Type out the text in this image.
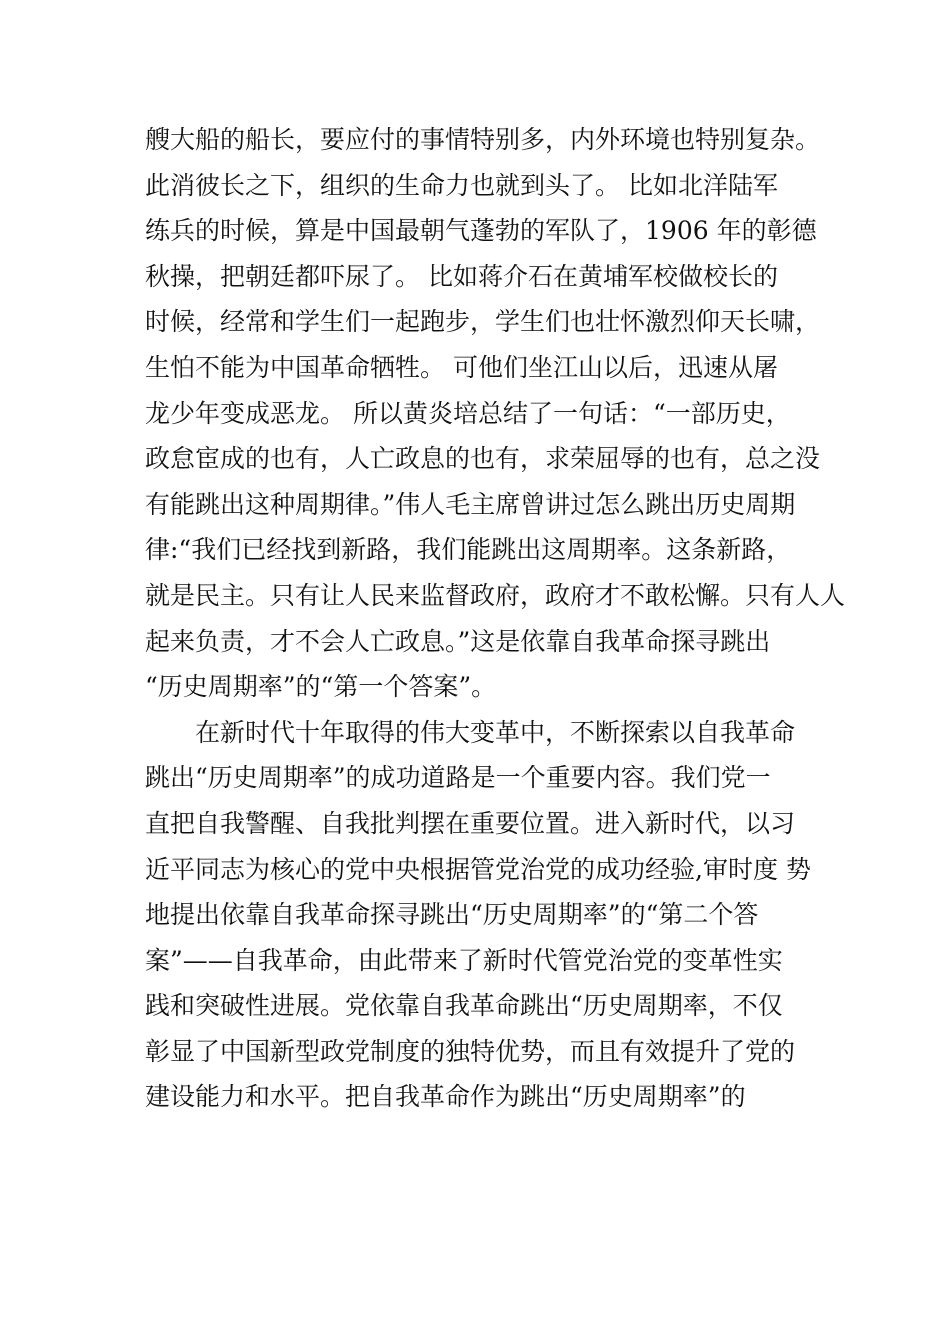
艘大船的船长，要应付的事情特别多，内外环境也特别复杂。
此消彼长之下，组织的生命力也就到头了。 比如北洋陆军
练兵的时候，算是中国最朝气蓬勃的军队了，1906 年的彰德
秋操，把朝廷都吓尿了。 比如蒋介石在黄埔军校做校长的
时候，经常和学生们一起跑步，学生们也壮怀激烈仰天长啸，
生怕不能为中国革命牺牲。 可他们坐江山以后，迅速从屠
龙少年变成恶龙。 所以黄炎培总结了一句话：“一部历史，
政怠宦成的也有，人亡政息的也有，求荣屈辱的也有，总之没
有能跳出这种周期律。”伟人毛主席曾讲过怎么跳出历史周期
律:“我们已经找到新路，我们能跳出这周期率。这条新路，
就是民主。只有让人民来监督政府，政府才不敢松懈。只有人人
起来负责，才不会人亡政息。”这是依靠自我革命探寻跳出
“历史周期率”的“第一个答案”。
　　在新时代十年取得的伟大变革中，不断探索以自我革命
跳出“历史周期率”的成功道路是一个重要内容。我们党一
直把自我警醒、自我批判摆在重要位置。进入新时代，以习
近平同志为核心的党中央根据管党治党的成功经验,审时度 势
地提出依靠自我革命探寻跳出“历史周期率”的“第二个答
案”——自我革命，由此带来了新时代管党治党的变革性实
践和突破性进展。党依靠自我革命跳出“历史周期率，不仅
彰显了中国新型政党制度的独特优势，而且有效提升了党的
建设能力和水平。把自我革命作为跳出“历史周期率”的
